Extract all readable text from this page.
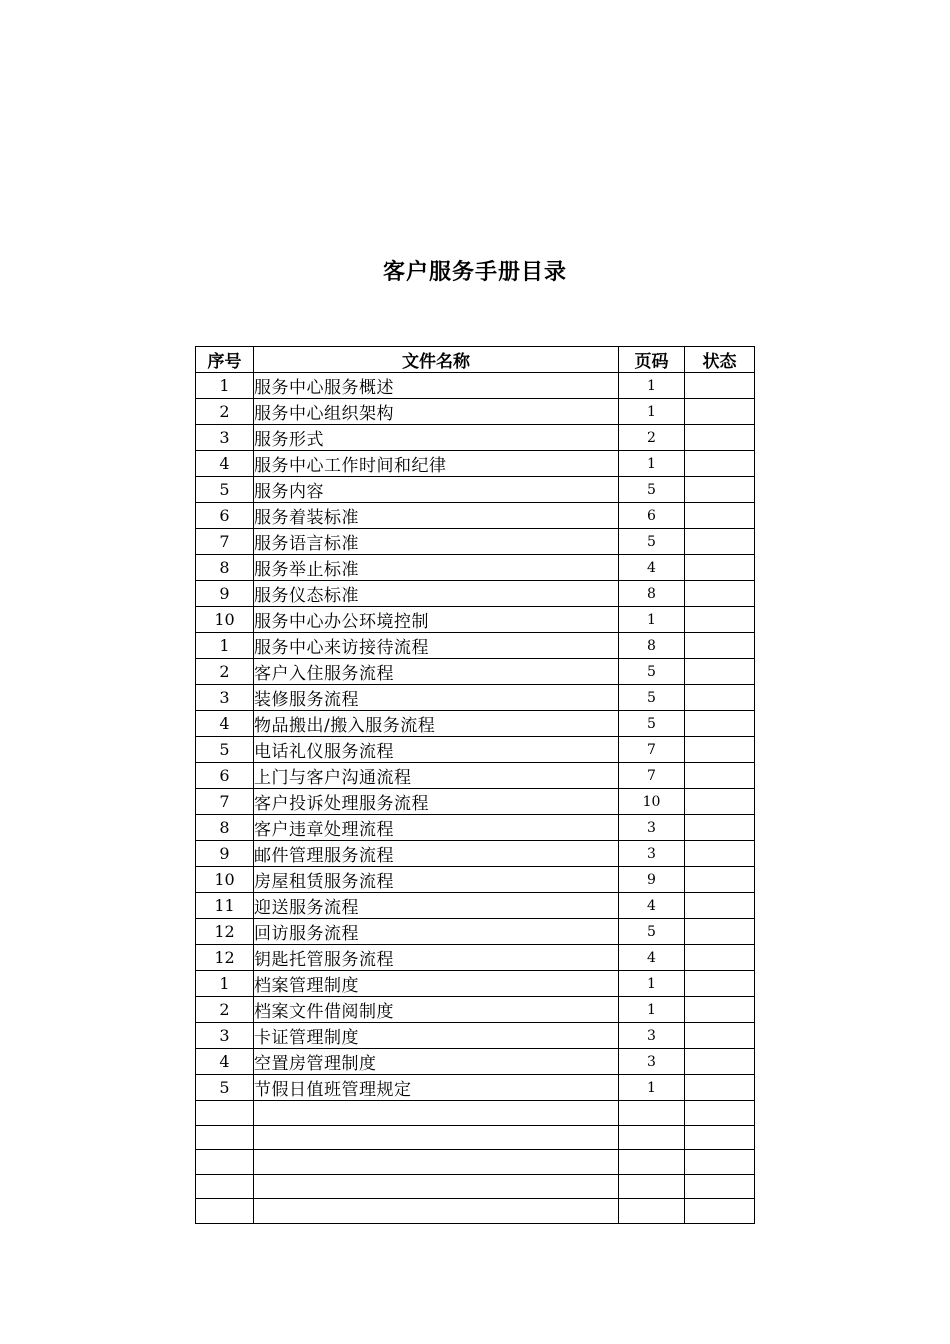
客户服务手册目录
序号	文件名称	页码	状态
1	服务中心服务概述	1	
2	服务中心组织架构	1	
3	服务形式	2	
4	服务中心工作时间和纪律	1	
5	服务内容	5	
6	服务着装标准	6	
7	服务语言标准	5	
8	服务举止标准	4	
9	服务仪态标准	8	
10	服务中心办公环境控制	1	
1	服务中心来访接待流程	8	
2	客户入住服务流程	5	
3	装修服务流程	5	
4	物品搬出/搬入服务流程	5	
5	电话礼仪服务流程	7	
6	上门与客户沟通流程	7	
7	客户投诉处理服务流程	10	
8	客户违章处理流程	3	
9	邮件管理服务流程	3	
10	房屋租赁服务流程	9	
11	迎送服务流程	4	
12	回访服务流程	5	
12	钥匙托管服务流程	4	
1	档案管理制度	1	
2	档案文件借阅制度	1	
3	卡证管理制度	3	
4	空置房管理制度	3	
5	节假日值班管理规定	1	
